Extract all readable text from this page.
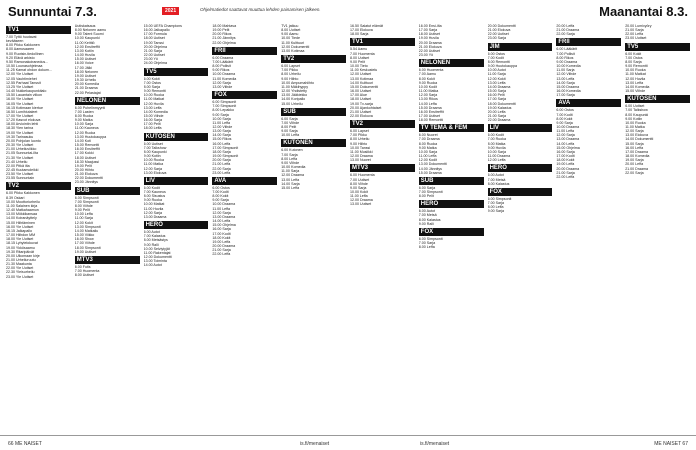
Sunnuntai 7.3.	2021	Ohjelmatiedot saattavat muuttua lehden painamisen jälkeen.	Maanantai 8.3.
TV1
7.00 Tyttö huutavat
kevääseen
8.00 Pikku Kakkonen
8.00 Aamusaaren
9.00 Ruotsin-tiedollinen
9.20 Elävä arkisto
9.50 Ramonakoiranedus...
10.50 Lounasohjelmaa
11.25 Kamat ohdon dokum...
12.00 Yle Uutiset
12.05 Vauhtimiehet
12.55 Parhaat Tanssit
13.25 Yle Uutiset
14.40 Nukkekaupunkitalo
15.50 Lauantain viikon
16.00 Yle Uutiset
16.05 Yle Uutiset
16.15 Kotimaan kiertue
16.50 Lumihiutaleet
17.00 Yle Uutiset
17.20 Kasvot elokuva
18.00 Arviointin lehti
18.30 Ylen tarina
19.00 Yle Uutiset
19.30 Tarinasuku
20.00 Pohjolan luonto
20.30 Yle Uutiset
21.00 Urheiluviikko
21.05 Sunnuntai-ilta
21.30 Yle Uutiset
21.40 Urheilu
22.00 Pitkä ilta
22.45 Kuutamoleikki
23.50 Yle Uutiset
23.55 Sunnuntain
TV2
6.00 Pikku Kakkonen
8.39 Oskari
10.00 Moottoriurheilu
11.00 Salainen kirja
12.40 Matkahaamun
13.00 Mökkikansaa
14.00 Koiranäyttely
15.00 Hiihtäminen
16.00 Yle Uutiset
16.15 Jalkapallo
17.00 Hiihdon MM
18.00 Yle Uutiset
18.15 Lyhytelokuvat
19.00 Ykkösaamu
19.30 Ritaripäivät
20.00 Ulkomaan kirje
21.00 Urheiluruutu
21.30 Maakunta
22.00 Yle Uutiset
22.30 Yleisurheilu
23.00 Yle Uutiset
Uutiskatsaus
8.00 Nelonen aamu
9.00 Talent Suomi
10.00 Kaupunki
11.00 Keittiö
12.00 Ensitreffit
13.00 Kotiin
14.00 Huvila
15.00 Uutiset
16.00 Voice
17.00 Jälki
18.00 Nelonen
19.00 Uutiset
19.30 Urheilu
20.00 Komedia
21.00 Draama
22.00 Pelastajat
NELONEN
6.00 Puhelinmyynti
7.00 Lasten
8.00 Ruoka
9.00 Matka
10.00 Sarja
11.00 Kauneus
12.00 Ruoka
13.00 Huutokauppa
14.00 Koti
15.00 Remontti
16.00 Ensitreffit
17.00 Kokki
18.00 Uutiset
18.30 Maajussi
19.00 Pelit
20.00 Hiihto
21.00 Elokuva
22.00 Dokumentti
23.00 Jännitys
SUB
6.00 Simpsonit
7.00 Simpsonit
8.00 Viihde
9.00 Pelit
10.00 Leffa
11.00 Sarja
12.00 Kokit
13.00 Simpsonit
14.00 Matkailu
15.00 Viikko
16.00 Show
17.00 Viihde
18.00 Simpsonit
19.00 Uutiset
MTV3
6.00 Futis
7.00 Huomenta
8.00 Uutiset
15.00 UEFA Champions
16.00 Jalkapallo
17.00 Formula
18.00 Uutiset
19.00 Tanssi
20.00 Ohjelma
21.00 Sarja
22.00 Uutiset
23.00 Yö
24.00 Ohjelma
TV5
6.00 Kokit
7.00 Ostos
8.00 Sarja
9.00 Remontti
10.00 Ruoka
11.00 Matkat
12.00 Huvila
13.00 Leffa
14.00 Komedia
15.00 Viihde
16.00 Sarja
17.00 Pelit
18.00 Leffa
KUTOSEN
6.00 Uutiset
7.00 Talkshow
8.00 Kaupunki
9.00 Kotiin
10.00 Ruoka
11.00 Matka
12.00 Sarja
13.00 Elokuva
LIV
6.00 Kodit
7.00 Kauneus
8.00 Sisustus
9.00 Ruoka
10.00 Matkat
11.00 Huvila
12.00 Sarja
13.00 Draama
HERO
6.00 Autot
7.00 Kalastus
8.00 Metsästys
9.00 Ralli
10.00 Selviytyjät
11.00 Rakentajat
12.00 Dokumentti
13.00 Toiminta
14.00 Autot
18.00 Mahtava
19.00 Pelit
20.00 Rikos
21.00 Jännitys
22.00 Ohjelma
FRII
6.00 Draama
7.00 Lääkärit
8.00 Poliisit
9.00 Rikos
10.00 Draama
11.00 Komedia
12.00 Sarja
13.00 Viihde
FOX
6.00 Simpsonit
7.00 Simpsonit
8.00 Lepakko
9.00 Sarja
10.00 Sarja
11.00 Leffa
12.00 Viihde
13.00 Sarja
14.00 Sarja
15.00 Rikos
16.00 Leffa
17.00 Simpsonit
18.00 Sarja
19.00 Simpsonit
20.00 Sarja
21.00 Leffa
22.00 Sarja
23.00 Leffa
AVA
6.00 Ostos
7.00 Kodit
8.00 Kokit
9.00 Sarja
10.00 Draama
11.00 Leffa
12.00 Sarja
13.00 Draama
14.00 Leffa
15.00 Ohjelma
16.00 Sarja
17.00 Kodit
18.00 Kokit
19.00 Leffa
20.00 Draama
21.00 Sarja
22.00 Leffa
TV1 jatkuu
8.00 Uutiset
9.00 Aamu
10.00 Tiede
11.00 Kulttuuri
12.00 Dokumentti
13.00 Kotimaa
TV2
6.00 Lapset
7.00 Pikku
8.00 Urheilu
9.00 Hiihto
10.00 Ampumahiihto
11.00 Mäkihyppy
12.00 Yhdistetty
13.00 Jääkiekko
14.00 Koripallo
15.00 Urheilu
SUB
6.00 Sarja
7.00 Viihde
8.00 Pelit
9.00 Sarja
10.00 Leffa
KUTONEN
6.00 Kutonen
7.00 Sarja
8.00 Leffa
9.00 Viihde
10.00 Komedia
11.00 Sarja
12.00 Draama
13.00 Leffa
14.00 Sarja
15.00 Leffa
16.50 Salatut elämät
17.00 Elokuva
18.00 Sarja
TV1
5.54 Aamu
7.00 Huomenta
8.00 Uutiset
9.00 Pelit
10.00 Tieto
11.00 Keskustelu
12.00 Uutiset
13.00 Kotimaa
14.00 Kulttuuri
15.00 Dokumentti
16.00 Uutiset
17.00 Alue
18.00 Uutiset
19.00 Tv-sarja
20.00 Ajankohtaiset
21.00 Uutiset
22.00 Elokuva
TV2
6.00 Lapset
7.00 Pikku
8.00 Urheilu
9.00 Hiihto
10.00 Tanssi
11.00 Musiikki
12.00 Draama
13.00 Nuoret
MTV3
6.00 Huomenta
7.00 Uutiset
8.00 Viihde
9.00 Sarja
10.00 Kokit
11.00 Leffa
12.00 Draama
13.00 Uutiset
16.00 Ensi-ilta
17.00 Sarja
18.00 Uutiset
19.00 Huvila
20.00 Draama
21.00 Elokuva
22.00 Uutiset
23.00 Yö
NELONEN
6.00 Huomenta
7.00 Aamu
8.00 Kokit
9.00 Ruoka
10.00 Kodit
11.00 Matka
12.00 Sarja
13.00 Rikos
14.00 Leffa
15.00 Draama
16.00 Ensitreffit
17.00 Uutiset
18.00 Remontti
TV TEMA & FEM
6.00 Nuoret
7.00 Draama
8.00 Ruoka
9.00 Matka
10.00 Sarja
11.00 Leffa
12.00 Kodit
13.00 Dokumentti
14.00 Jännitys
15.00 Draama
SUB
6.00 Sarja
7.00 Simpsonit
8.00 Pelit
HERO
6.00 Autot
7.00 Metsä
8.00 Kalastus
9.00 Ralli
FOX
6.00 Simpsonit
7.00 Sarja
8.00 Leffa
20.00 Dokumentti
21.00 Elokuva
22.00 Uutiset
23.00 Sarja
JIM
6.00 Ostos
7.00 Kodit
8.00 Remontti
9.00 Huutokauppa
10.00 Autot
11.00 Sarja
12.00 Kokit
13.00 Leffa
14.00 Draama
15.00 Sarja
16.00 Pelit
17.00 Sarja
18.00 Dokumentti
19.00 Kalastus
20.00 Leffa
21.00 Sarja
22.00 Draama
LIV
6.00 Kodit
7.00 Ruoka
8.00 Matka
9.00 Huvila
10.00 Sarja
11.00 Draama
12.00 Leffa
HERO
6.00 Autot
7.00 Metsä
8.00 Kalastus
FOX
6.00 Simpsonit
7.00 Sarja
8.00 Leffa
9.00 Sarja
20.00 Leffa
21.00 Draama
22.00 Sarja
FRII
6.00 Lääkärit
7.00 Poliisit
8.00 Rikos
9.00 Draama
10.00 Komedia
11.00 Sarja
12.00 Viihde
13.00 Leffa
14.00 Sarja
15.00 Draama
16.00 Komedia
17.00 Sarja
AVA
6.00 Ostos
7.00 Kodit
8.00 Kokit
9.00 Sarja
10.00 Draama
11.00 Leffa
12.00 Sarja
13.00 Draama
14.00 Leffa
15.00 Ohjelma
16.00 Sarja
17.00 Kodit
18.00 Kokit
19.00 Leffa
20.00 Draama
21.00 Sarja
22.00 Leffa
20.00 Lumivyöry
21.00 Sarja
22.00 Leffa
23.00 Uutiset
TV5
6.00 Kokit
7.00 Ostos
8.00 Sarja
9.00 Remontti
10.00 Ruoka
11.00 Matkat
12.00 Huvila
13.00 Leffa
14.00 Komedia
15.00 Viihde
KUTOSEN
6.00 Uutiset
7.00 Talkshow
8.00 Kaupunki
9.00 Kotiin
10.00 Ruoka
11.00 Matka
12.00 Sarja
13.00 Elokuva
14.00 Dokumentti
15.00 Sarja
16.00 Leffa
17.00 Draama
18.00 Komedia
19.00 Sarja
20.00 Leffa
21.00 Draama
22.00 Sarja
66 ME NAISET	is.fi/menaiset	is.fi/menaiset	ME NAISET 67
